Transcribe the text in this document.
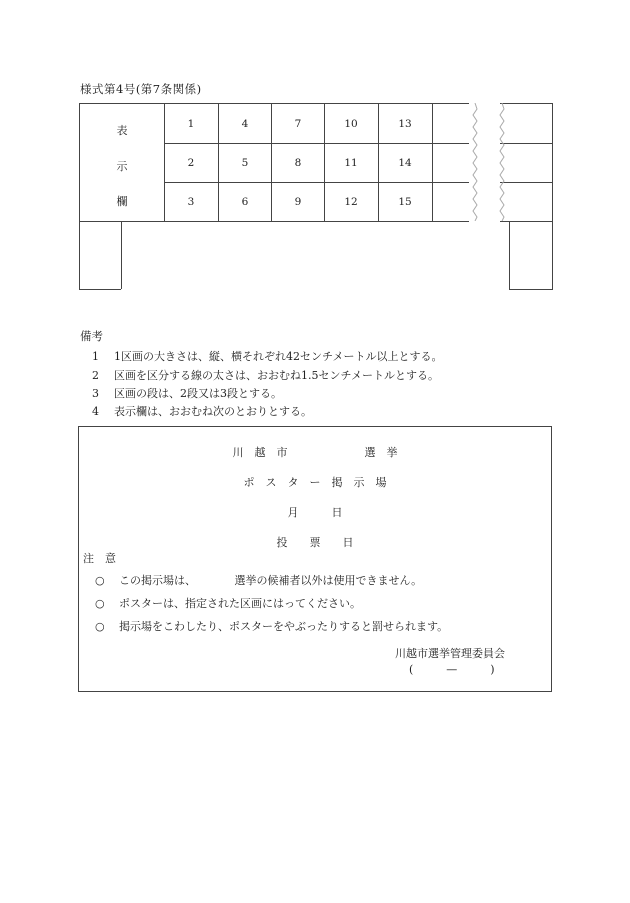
様式第4号(第7条関係)
表
示
欄
1	4	7	10	13
2	5	8	11	14
3	6	9	12	15
備考
1 1区画の大きさは、縦、横それぞれ42センチメートル以上とする。
2 区画を区分する線の太さは、おおむね1.5センチメートルとする。
3 区画の段は、2段又は3段とする。
4 表示欄は、おおむね次のとおりとする。
川　越　市　　　　　　　選　挙
ポ　ス　タ　ー　掲　示　場
月　　　日
投　　票　　日
注　意
○ この掲示場は、　　　　選挙の候補者以外は使用できません。
○ ポスターは、指定された区画にはってください。
○ 掲示場をこわしたり、ポスターをやぶったりすると罰せられます。
川越市選挙管理委員会
(　　　—　　　)
